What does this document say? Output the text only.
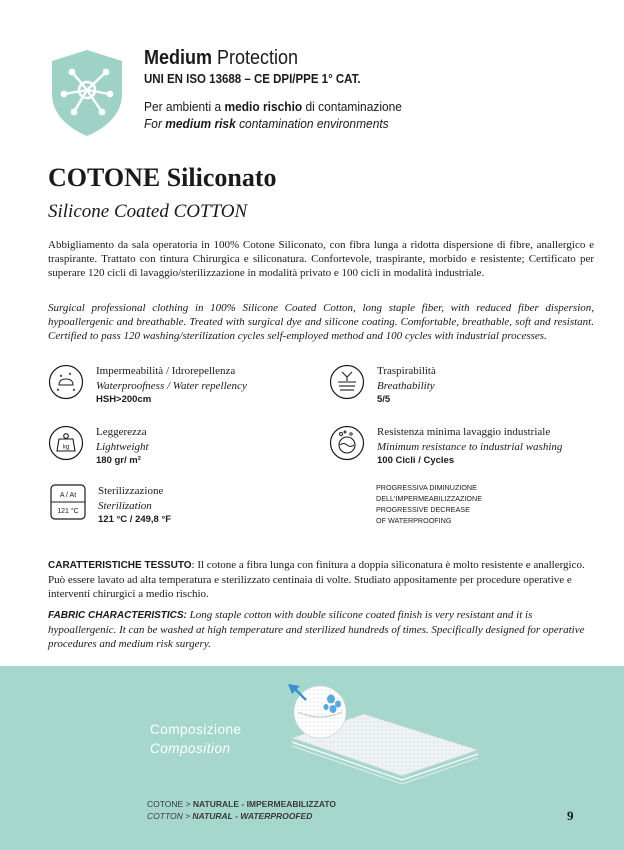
Medium Protection
UNI EN ISO 13688 – CE DPI/PPE 1° CAT.
Per ambienti a medio rischio di contaminazione
For medium risk contamination environments
COTONE Siliconato
Silicone Coated COTTON

Abbigliamento da sala operatoria in 100% Cotone Siliconato, con fibra lunga a ridotta dispersione di fibre, anallergico e traspirante. Trattato con tintura Chirurgica e siliconatura. Confortevole, traspirante, morbido e resistente; Certificato per superare 120 cicli di lavaggio/sterilizzazione in modalità privato e 100 cicli in modalità industriale.

Surgical professional clothing in 100% Silicone Coated Cotton, long staple fiber, with reduced fiber dispersion, hypoallergenic and breathable. Treated with surgical dye and silicone coating. Comfortable, breathable, soft and resistant. Certified to pass 120 washing/sterilization cycles self-employed method and 100 cycles with industrial processes.

Impermeabilità / Idrorepellenza
Waterproofness / Water repellency
HSH>200cm
Traspirabilità
Breathability
5/5
kg
Leggerezza
Lightweight
180 gr/ m²
Resistenza minima lavaggio industriale
Minimum resistance to industrial washing
100 Cicli / Cycles
A / At
121 °C
Sterilizzazione
Sterilization
121 °C / 249,8 °F
PROGRESSIVA DIMINUZIONE
DELL'IMPERMEABILIZZAZIONE
PROGRESSIVE DECREASE
OF WATERPROOFING

CARATTERISTICHE TESSUTO: Il cotone a fibra lunga con finitura a doppia siliconatura è molto resistente e anallergico. Può essere lavato ad alta temperatura e sterilizzato centinaia di volte. Studiato appositamente per procedure operative e interventi chirurgici a medio rischio.

FABRIC CHARACTERISTICS: Long staple cotton with double silicone coated finish is very resistant and it is hypoallergenic. It can be washed at high temperature and sterilized hundreds of times. Specifically designed for operative procedures and medium risk surgery.

Composizione
Composition
COTONE > NATURALE - IMPERMEABILIZZATO
COTTON > NATURAL - WATERPROOFED	9
